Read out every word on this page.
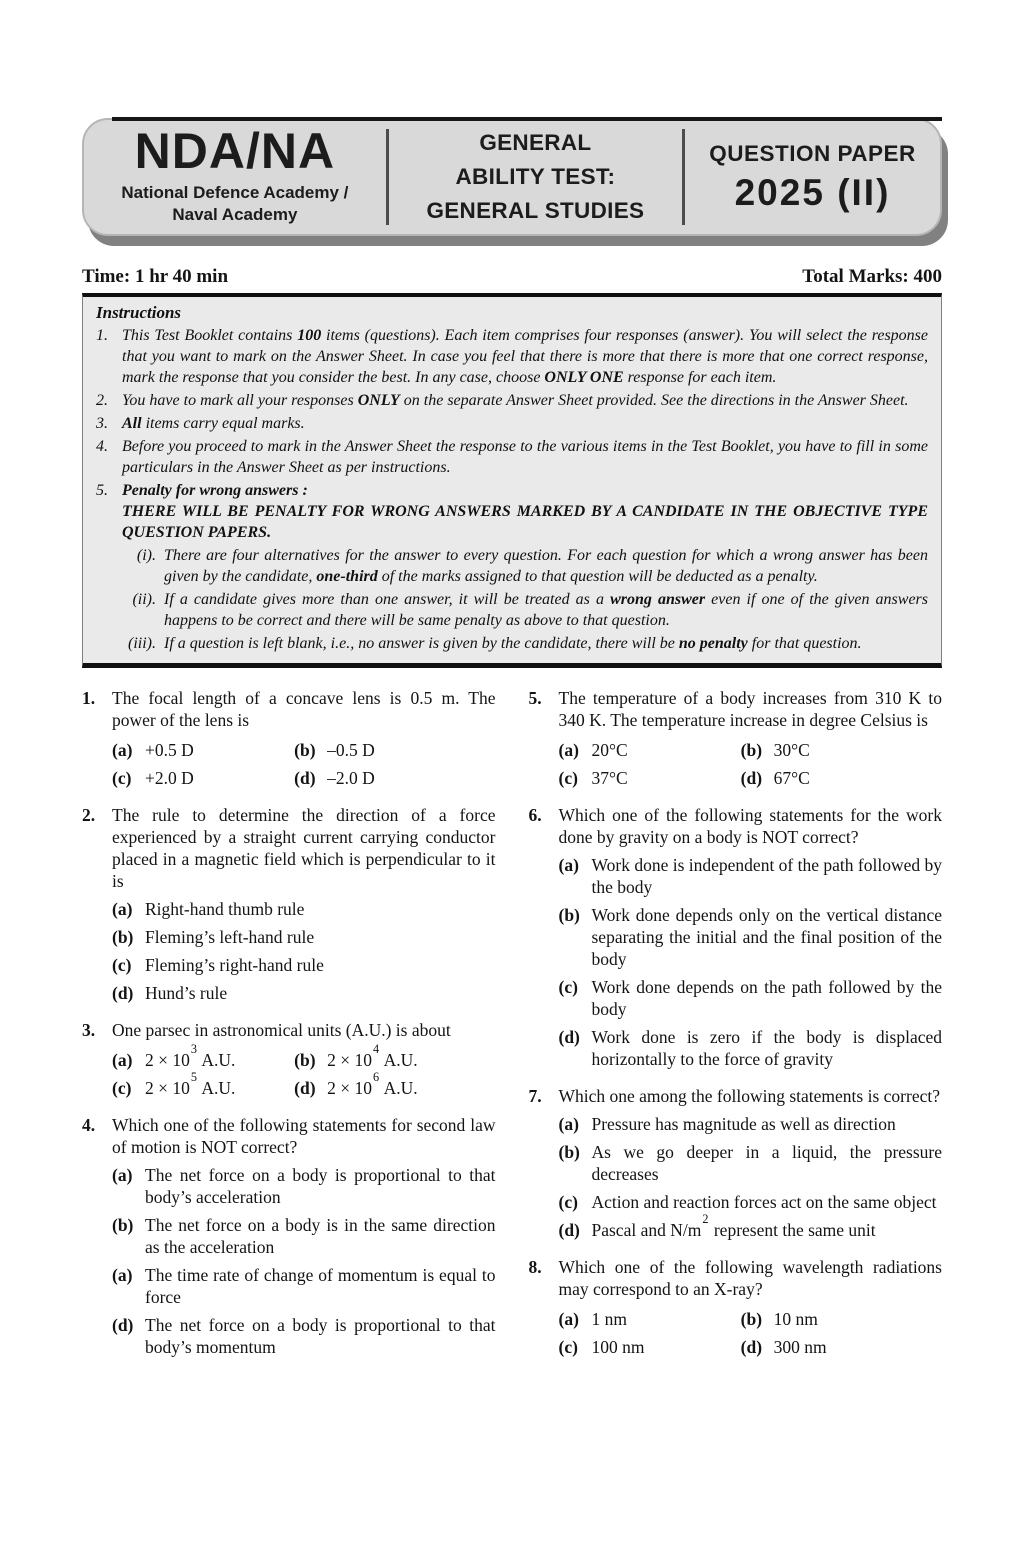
NDA/NA
National Defence Academy /
Naval Academy
GENERAL
ABILITY TEST:
GENERAL STUDIES
QUESTION PAPER
2025 (II)
Time: 1 hr 40 min	Total Marks: 400
Instructions
1. This Test Booklet contains 100 items (questions). Each item comprises four responses (answer). You will select the response that you want to mark on the Answer Sheet. In case you feel that there is more that there is more that one correct response, mark the response that you consider the best. In any case, choose ONLY ONE response for each item.
2. You have to mark all your responses ONLY on the separate Answer Sheet provided. See the directions in the Answer Sheet.
3. All items carry equal marks.
4. Before you proceed to mark in the Answer Sheet the response to the various items in the Test Booklet, you have to fill in some particulars in the Answer Sheet as per instructions.
5. Penalty for wrong answers :
THERE WILL BE PENALTY FOR WRONG ANSWERS MARKED BY A CANDIDATE IN THE OBJECTIVE TYPE QUESTION PAPERS.
(i). There are four alternatives for the answer to every question. For each question for which a wrong answer has been given by the candidate, one-third of the marks assigned to that question will be deducted as a penalty.
(ii). If a candidate gives more than one answer, it will be treated as a wrong answer even if one of the given answers happens to be correct and there will be same penalty as above to that question.
(iii). If a question is left blank, i.e., no answer is given by the candidate, there will be no penalty for that question.
1. The focal length of a concave lens is 0.5 m. The power of the lens is
(a) +0.5 D	(b) –0.5 D
(c) +2.0 D	(d) –2.0 D
2. The rule to determine the direction of a force experienced by a straight current carrying conductor placed in a magnetic field which is perpendicular to it is
(a) Right-hand thumb rule
(b) Fleming’s left-hand rule
(c) Fleming’s right-hand rule
(d) Hund’s rule
3. One parsec in astronomical units (A.U.) is about
(a) $2 \times 10^3$ A.U.	(b) $2 \times 10^4$ A.U.
(c) $2 \times 10^5$ A.U.	(d) $2 \times 10^6$ A.U.
4. Which one of the following statements for second law of motion is NOT correct?
(a) The net force on a body is proportional to that body’s acceleration
(b) The net force on a body is in the same direction as the acceleration
(a) The time rate of change of momentum is equal to force
(d) The net force on a body is proportional to that body’s momentum
5. The temperature of a body increases from 310 K to 340 K. The temperature increase in degree Celsius is
(a) 20°C	(b) 30°C
(c) 37°C	(d) 67°C
6. Which one of the following statements for the work done by gravity on a body is NOT correct?
(a) Work done is independent of the path followed by the body
(b) Work done depends only on the vertical distance separating the initial and the final position of the body
(c) Work done depends on the path followed by the body
(d) Work done is zero if the body is displaced horizontally to the force of gravity
7. Which one among the following statements is correct?
(a) Pressure has magnitude as well as direction
(b) As we go deeper in a liquid, the pressure decreases
(c) Action and reaction forces act on the same object
(d) Pascal and $N/m^2$ represent the same unit
8. Which one of the following wavelength radiations may correspond to an X-ray?
(a) 1 nm	(b) 10 nm
(c) 100 nm	(d) 300 nm
